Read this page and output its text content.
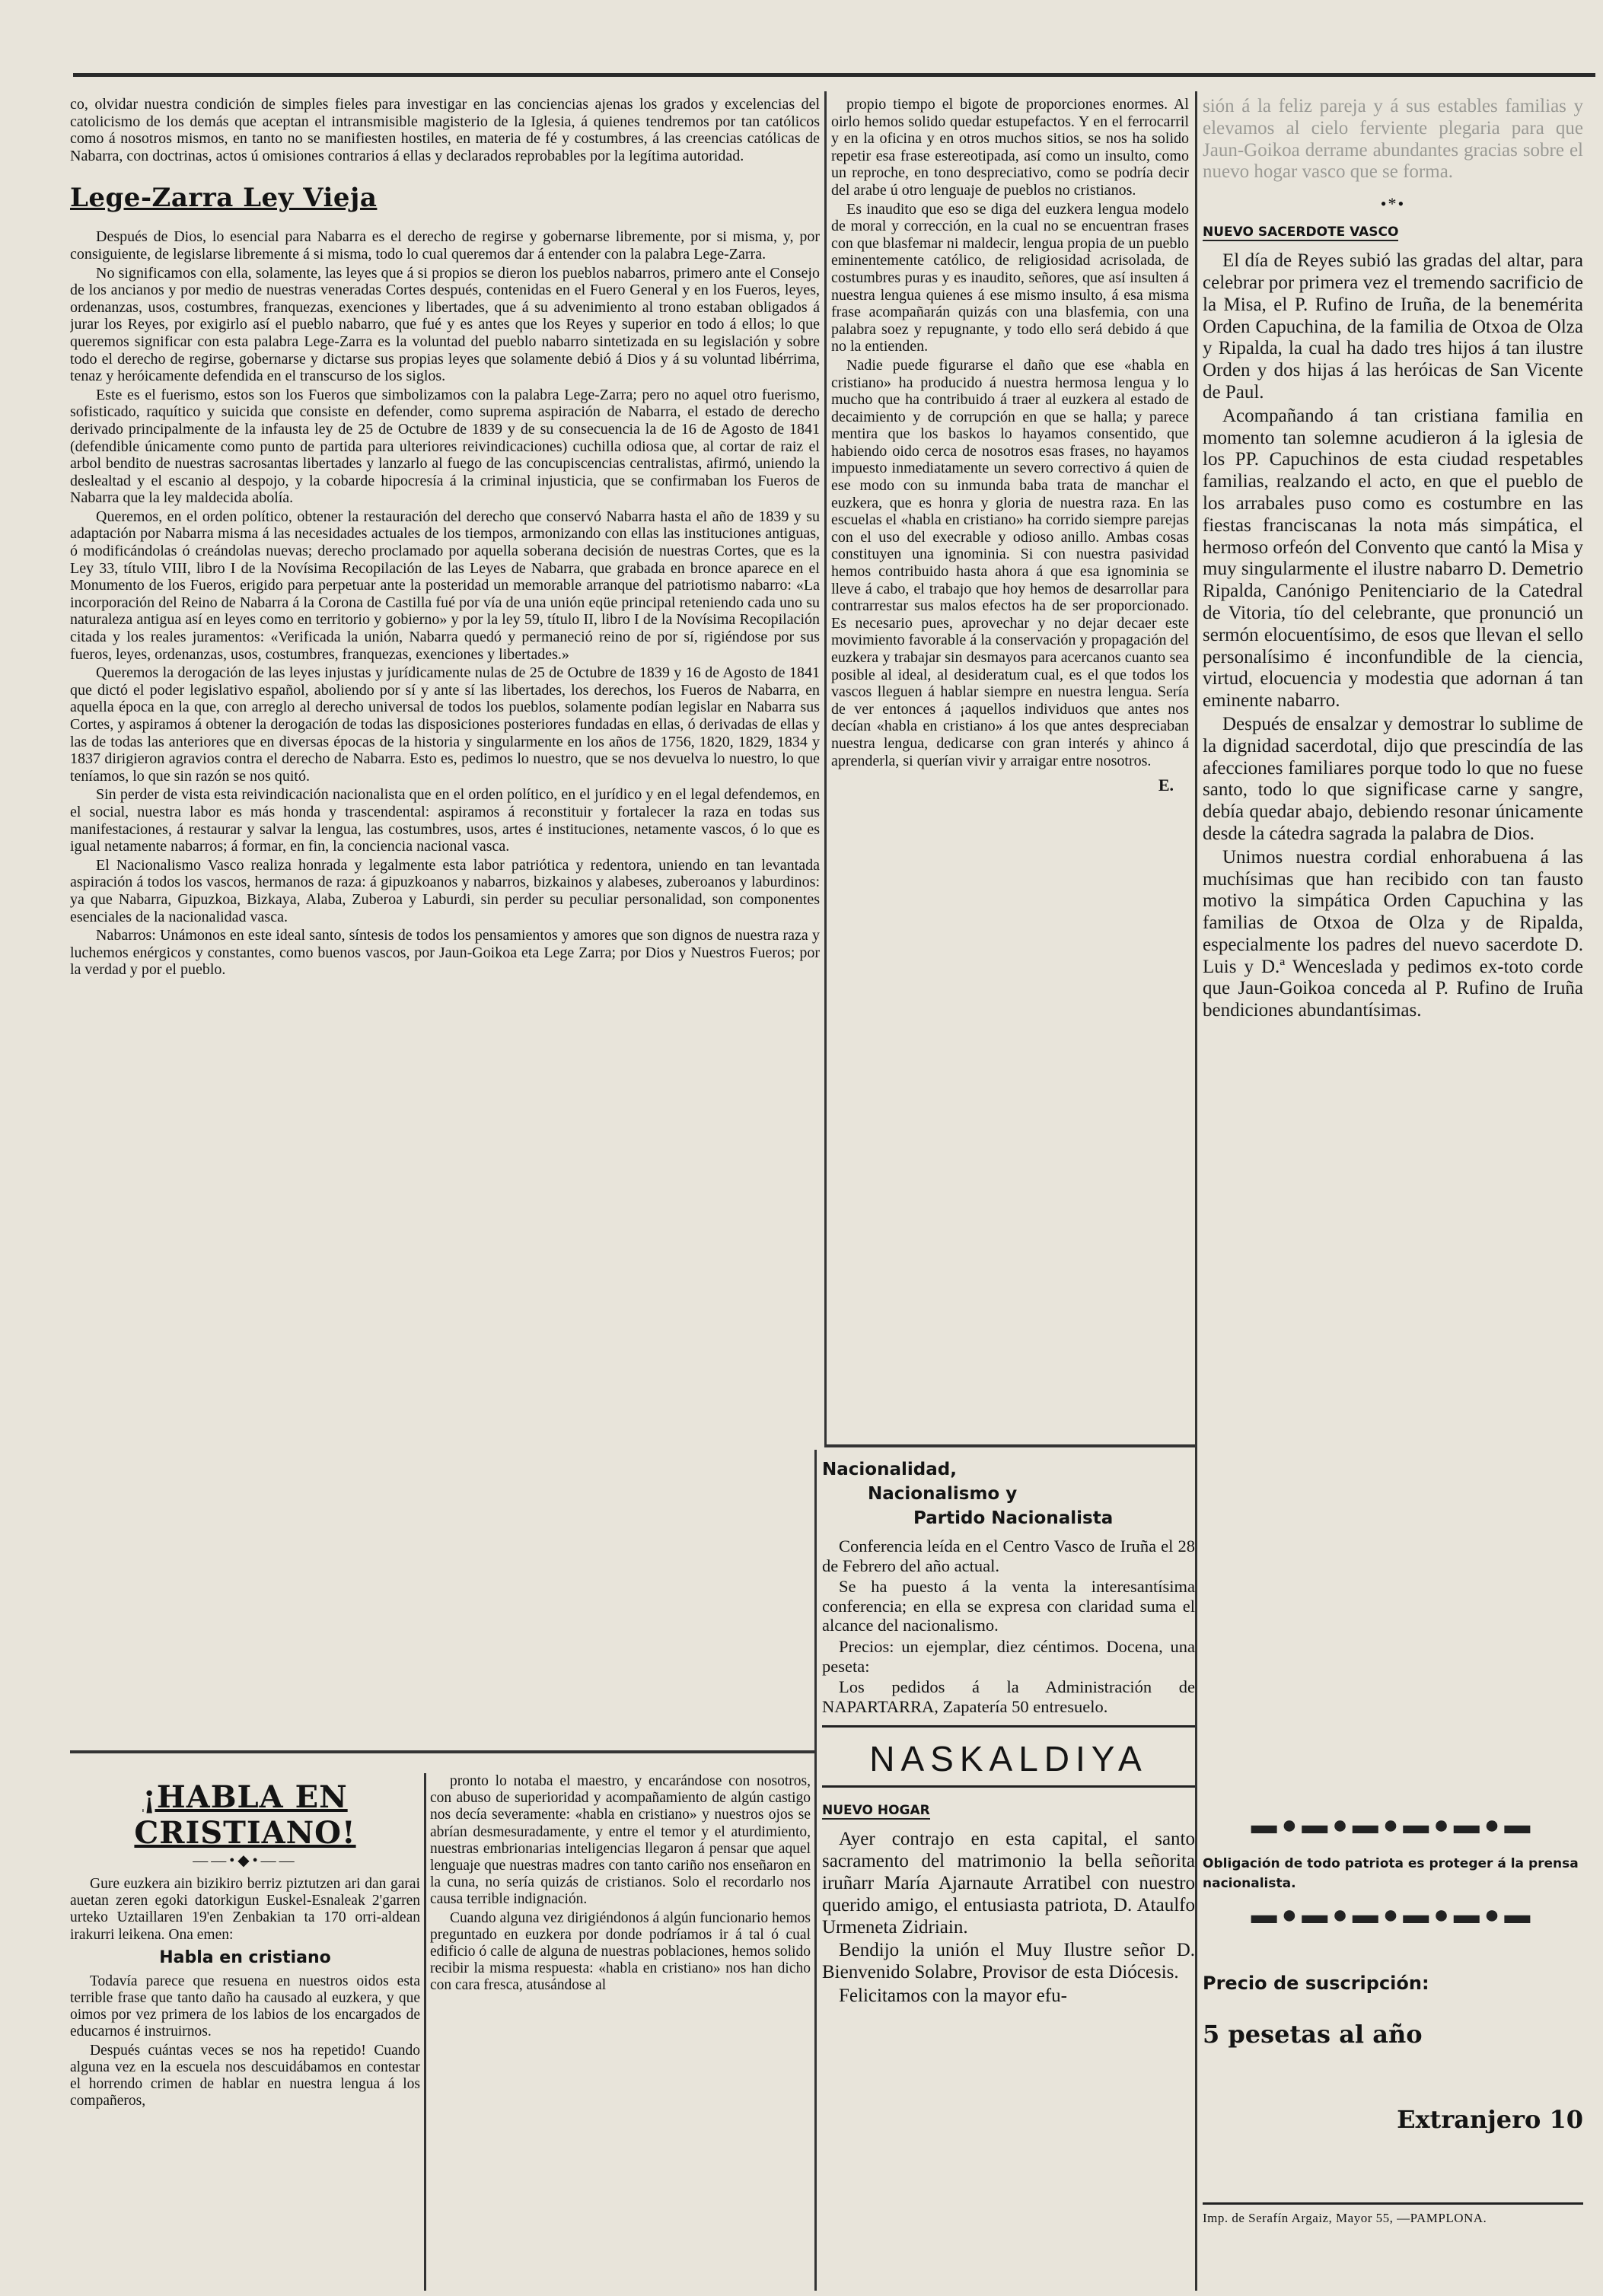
co, olvidar nuestra condición de simples fieles para investigar en las conciencias ajenas los grados y excelencias del catolicismo de los demás que aceptan el intransmisible magisterio de la Iglesia, á quienes tendremos por tan católicos como á nosotros mismos, en tanto no se manifiesten hostiles, en materia de fé y costumbres, á las creencias católicas de Nabarra, con doctrinas, actos ú omisiones contrarios á ellas y declarados reprobables por la legítima autoridad.

Lege-Zarra Ley Vieja

Después de Dios, lo esencial para Nabarra es el derecho de regirse y gobernarse libremente, por si misma, y, por consiguiente, de legislarse libremente á si misma, todo lo cual queremos dar á entender con la palabra Lege-Zarra.

No significamos con ella, solamente, las leyes que á si propios se dieron los pueblos nabarros, primero ante el Consejo de los ancianos y por medio de nuestras veneradas Cortes después, contenidas en el Fuero General y en los Fueros, leyes, ordenanzas, usos, costumbres, franquezas, exenciones y libertades, que á su advenimiento al trono estaban obligados á jurar los Reyes, por exigirlo así el pueblo nabarro, que fué y es antes que los Reyes y superior en todo á ellos; lo que queremos significar con esta palabra Lege-Zarra es la voluntad del pueblo nabarro sintetizada en su legislación y sobre todo el derecho de regirse, gobernarse y dictarse sus propias leyes que solamente debió á Dios y á su voluntad libérrima, tenaz y heróicamente defendida en el transcurso de los siglos.

Este es el fuerismo, estos son los Fueros que simbolizamos con la palabra Lege-Zarra; pero no aquel otro fuerismo, sofisticado, raquítico y suicida que consiste en defender, como suprema aspiración de Nabarra, el estado de derecho derivado principalmente de la infausta ley de 25 de Octubre de 1839 y de su consecuencia la de 16 de Agosto de 1841 (defendible únicamente como punto de partida para ulteriores reivindicaciones) cuchilla odiosa que, al cortar de raiz el arbol bendito de nuestras sacrosantas libertades y lanzarlo al fuego de las concupiscencias centralistas, afirmó, uniendo la deslealtad y el escanio al despojo, y la cobarde hipocresía á la criminal injusticia, que se confirmaban los Fueros de Nabarra que la ley maldecida abolía.

Queremos, en el orden político, obtener la restauración del derecho que conservó Nabarra hasta el año de 1839 y su adaptación por Nabarra misma á las necesidades actuales de los tiempos, armonizando con ellas las instituciones antiguas, ó modificándolas ó creándolas nuevas; derecho proclamado por aquella soberana decisión de nuestras Cortes, que es la Ley 33, título VIII, libro I de la Novísima Recopilación de las Leyes de Nabarra, que grabada en bronce aparece en el Monumento de los Fueros, erigido para perpetuar ante la posteridad un memorable arranque del patriotismo nabarro: «La incorporación del Reino de Nabarra á la Corona de Castilla fué por vía de una unión eqüe principal reteniendo cada uno su naturaleza antigua así en leyes como en territorio y gobierno» y por la ley 59, título II, libro I de la Novísima Recopilación citada y los reales juramentos: «Verificada la unión, Nabarra quedó y permaneció reino de por sí, rigiéndose por sus fueros, leyes, ordenanzas, usos, costumbres, franquezas, exenciones y libertades.»

Queremos la derogación de las leyes injustas y jurídicamente nulas de 25 de Octubre de 1839 y 16 de Agosto de 1841 que dictó el poder legislativo español, aboliendo por sí y ante sí las libertades, los derechos, los Fueros de Nabarra, en aquella época en la que, con arreglo al derecho universal de todos los pueblos, solamente podían legislar en Nabarra sus Cortes, y aspiramos á obtener la derogación de todas las disposiciones posteriores fundadas en ellas, ó derivadas de ellas y las de todas las anteriores que en diversas épocas de la historia y singularmente en los años de 1756, 1820, 1829, 1834 y 1837 dirigieron agravios contra el derecho de Nabarra. Esto es, pedimos lo nuestro, que se nos devuelva lo nuestro, lo que teníamos, lo que sin razón se nos quitó.

Sin perder de vista esta reivindicación nacionalista que en el orden político, en el jurídico y en el legal defendemos, en el social, nuestra labor es más honda y trascendental: aspiramos á reconstituir y fortalecer la raza en todas sus manifestaciones, á restaurar y salvar la lengua, las costumbres, usos, artes é instituciones, netamente vascos, ó lo que es igual netamente nabarros; á formar, en fin, la conciencia nacional vasca.

El Nacionalismo Vasco realiza honrada y legalmente esta labor patriótica y redentora, uniendo en tan levantada aspiración á todos los vascos, hermanos de raza: á gipuzkoanos y nabarros, bizkainos y alabeses, zuberoanos y laburdinos: ya que Nabarra, Gipuzkoa, Bizkaya, Alaba, Zuberoa y Laburdi, sin perder su peculiar personalidad, son componentes esenciales de la nacionalidad vasca.

Nabarros: Unámonos en este ideal santo, síntesis de todos los pensamientos y amores que son dignos de nuestra raza y luchemos enérgicos y constantes, como buenos vascos, por Jaun-Goikoa eta Lege Zarra; por Dios y Nuestros Fueros; por la verdad y por el pueblo.

propio tiempo el bigote de proporciones enormes. Al oirlo hemos solido quedar estupefactos. Y en el ferrocarril y en la oficina y en otros muchos sitios, se nos ha solido repetir esa frase estereotipada, así como un insulto, como un reproche, en tono despreciativo, como se podría decir del arabe ú otro lenguaje de pueblos no cristianos.

Es inaudito que eso se diga del euzkera lengua modelo de moral y corrección, en la cual no se encuentran frases con que blasfemar ni maldecir, lengua propia de un pueblo eminentemente católico, de religiosidad acrisolada, de costumbres puras y es inaudito, señores, que así insulten á nuestra lengua quienes á ese mismo insulto, á esa misma frase acompañarán quizás con una blasfemia, con una palabra soez y repugnante, y todo ello será debido á que no la entienden.

Nadie puede figurarse el daño que ese «habla en cristiano» ha producido á nuestra hermosa lengua y lo mucho que ha contribuido á traer al euzkera al estado de decaimiento y de corrupción en que se halla; y parece mentira que los baskos lo hayamos consentido, que habiendo oido cerca de nosotros esas frases, no hayamos impuesto inmediatamente un severo correctivo á quien de ese modo con su inmunda baba trata de manchar el euzkera, que es honra y gloria de nuestra raza. En las escuelas el «habla en cristiano» ha corrido siempre parejas con el uso del execrable y odioso anillo. Ambas cosas constituyen una ignominia. Si con nuestra pasividad hemos contribuido hasta ahora á que esa ignominia se lleve á cabo, el trabajo que hoy hemos de desarrollar para contrarrestar sus malos efectos ha de ser proporcionado. Es necesario pues, aprovechar y no dejar decaer este movimiento favorable á la conservación y propagación del euzkera y trabajar sin desmayos para acercanos cuanto sea posible al ideal, al desideratum cual, es el que todos los vascos lleguen á hablar siempre en nuestra lengua. Sería de ver entonces á ¡aquellos individuos que antes nos decían «habla en cristiano» á los que antes despreciaban nuestra lengua, dedicarse con gran interés y ahinco á aprenderla, si querían vivir y arraigar entre nosotros.

E.

sión á la feliz pareja y á sus estables familias y elevamos al cielo ferviente plegaria para que Jaun-Goikoa derrame abundantes gracias sobre el nuevo hogar vasco que se forma.

•*•
NUEVO SACERDOTE VASCO

El día de Reyes subió las gradas del altar, para celebrar por primera vez el tremendo sacrificio de la Misa, el P. Rufino de Iruña, de la benemérita Orden Capuchina, de la familia de Otxoa de Olza y Ripalda, la cual ha dado tres hijos á tan ilustre Orden y dos hijas á las heróicas de San Vicente de Paul.

Acompañando á tan cristiana familia en momento tan solemne acudieron á la iglesia de los PP. Capuchinos de esta ciudad respetables familias, realzando el acto, en que el pueblo de los arrabales puso como es costumbre en las fiestas franciscanas la nota más simpática, el hermoso orfeón del Convento que cantó la Misa y muy singularmente el ilustre nabarro D. Demetrio Ripalda, Canónigo Penitenciario de la Catedral de Vitoria, tío del celebrante, que pronunció un sermón elocuentísimo, de esos que llevan el sello personalísimo é inconfundible de la ciencia, virtud, elocuencia y modestia que adornan á tan eminente nabarro.

Después de ensalzar y demostrar lo sublime de la dignidad sacerdotal, dijo que prescindía de las afecciones familiares porque todo lo que no fuese santo, todo lo que significase carne y sangre, debía quedar abajo, debiendo resonar únicamente desde la cátedra sagrada la palabra de Dios.

Unimos nuestra cordial enhorabuena á las muchísimas que han recibido con tan fausto motivo la simpática Orden Capuchina y las familias de Otxoa de Olza y de Ripalda, especialmente los padres del nuevo sacerdote D. Luis y D.ª Wenceslada y pedimos ex-toto corde que Jaun-Goikoa conceda al P. Rufino de Iruña bendiciones abundantísimas.

¡HABLA EN CRISTIANO!
——•◆•——

Gure euzkera ain bizikiro berriz piztutzen ari dan garai auetan zeren egoki datorkigun Euskel-Esnaleak 2'garren urteko Uztaillaren 19'en Zenbakian ta 170 orri-aldean irakurri leikena. Ona emen:

Habla en cristiano

Todavía parece que resuena en nuestros oidos esta terrible frase que tanto daño ha causado al euzkera, y que oimos por vez primera de los labios de los encargados de educarnos é instruirnos.

Después cuántas veces se nos ha repetido! Cuando alguna vez en la escuela nos descuidábamos en contestar el horrendo crimen de hablar en nuestra lengua á los compañeros,

pronto lo notaba el maestro, y encarándose con nosotros, con abuso de superioridad y acompañamiento de algún castigo nos decía severamente: «habla en cristiano» y nuestros ojos se abrían desmesuradamente, y entre el temor y el aturdimiento, nuestras embrionarias inteligencias llegaron á pensar que aquel lenguaje que nuestras madres con tanto cariño nos enseñaron en la cuna, no sería quizás de cristianos. Solo el recordarlo nos causa terrible indignación.

Cuando alguna vez dirigiéndonos á algún funcionario hemos preguntado en euzkera por donde podríamos ir á tal ó cual edificio ó calle de alguna de nuestras poblaciones, hemos solido recibir la misma respuesta: «habla en cristiano» nos han dicho con cara fresca, atusándose al

Nacionalidad,
Nacionalismo y
Partido Nacionalista

Conferencia leída en el Centro Vasco de Iruña el 28 de Febrero del año actual.

Se ha puesto á la venta la interesantísima conferencia; en ella se expresa con claridad suma el alcance del nacionalismo.

Precios: un ejemplar, diez céntimos. Docena, una peseta:

Los pedidos á la Administración de NAPARTARRA, Zapatería 50 entresuelo.

NASKALDIYA
NUEVO HOGAR

Ayer contrajo en esta capital, el santo sacramento del matrimonio la bella señorita iruñarr María Ajarnaute Arratibel con nuestro querido amigo, el entusiasta patriota, D. Ataulfo Urmeneta Zidriain.

Bendijo la unión el Muy Ilustre señor D. Bienvenido Solabre, Provisor de esta Diócesis.

Felicitamos con la mayor efu-

▬●▬●▬●▬●▬●▬
Obligación de todo patriota es proteger á la prensa nacionalista.
▬●▬●▬●▬●▬●▬
Precio de suscripción:
5 pesetas al año
Extranjero 10
Imp. de Serafín Argaiz, Mayor 55, —PAMPLONA.
